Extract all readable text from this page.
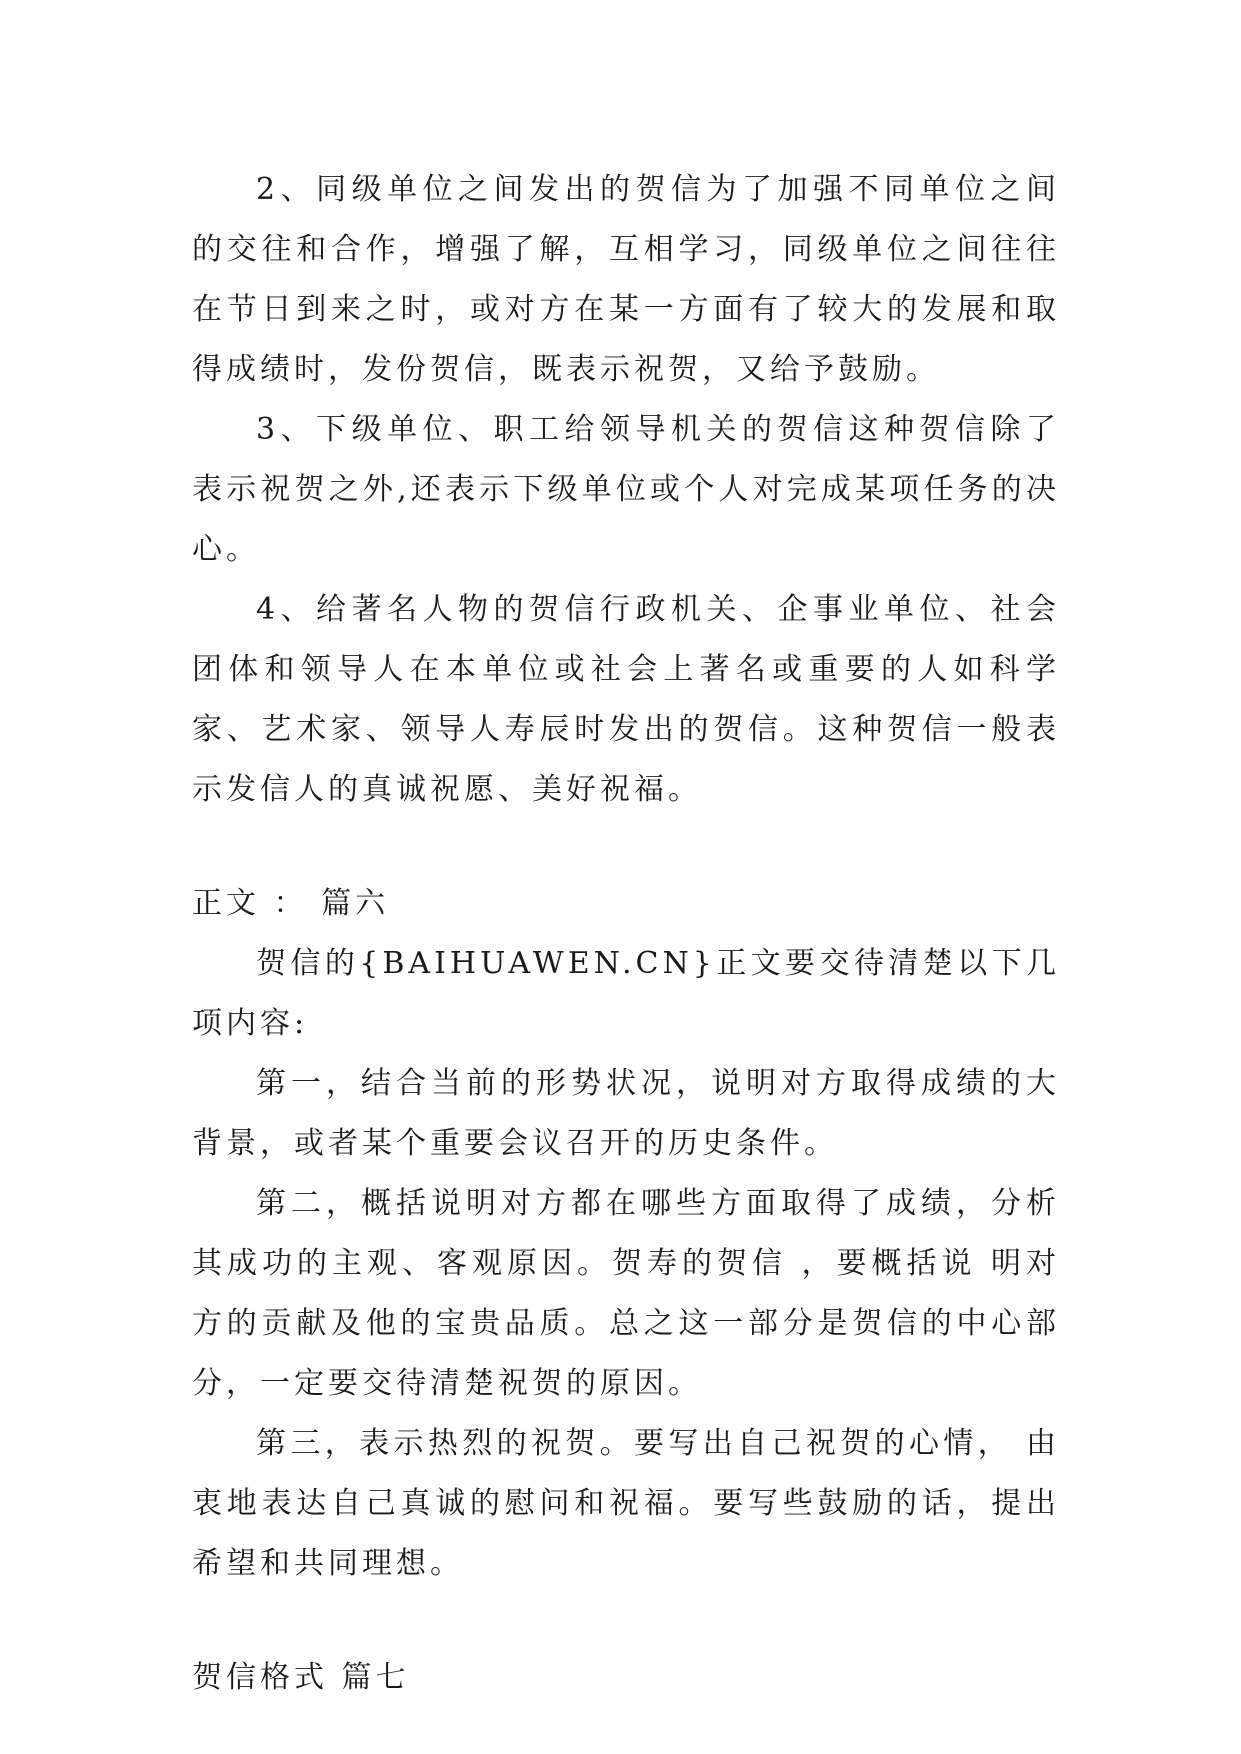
2、同级单位之间发出的贺信为了加强不同单位之间的交往和合作，增强了解，互相学习，同级单位之间往往在节日到来之时，或对方在某一方面有了较大的发展和取得成绩时，发份贺信，既表示祝贺，又给予鼓励。

3、下级单位、职工给领导机关的贺信这种贺信除了表示祝贺之外,还表示下级单位或个人对完成某项任务的决心。

4、给著名人物的贺信行政机关、企事业单位、社会团体和领导人在本单位或社会上著名或重要的人如科学家、艺术家、领导人寿辰时发出的贺信。这种贺信一般表示发信人的真诚祝愿、美好祝福。

正文 ： 篇六

贺信的{BAIHUAWEN.CN}正文要交待清楚以下几项内容:

第一，结合当前的形势状况，说明对方取得成绩的大背景，或者某个重要会议召开的历史条件。

第二，概括说明对方都在哪些方面取得了成绩，分析其成功的主观、客观原因。贺寿的贺信 ，要概括说 明对方的贡献及他的宝贵品质。总之这一部分是贺信的中心部分，一定要交待清楚祝贺的原因。

第三，表示热烈的祝贺。要写出自己祝贺的心情， 由衷地表达自己真诚的慰问和祝福。要写些鼓励的话，提出希望和共同理想。

贺信格式 篇七
